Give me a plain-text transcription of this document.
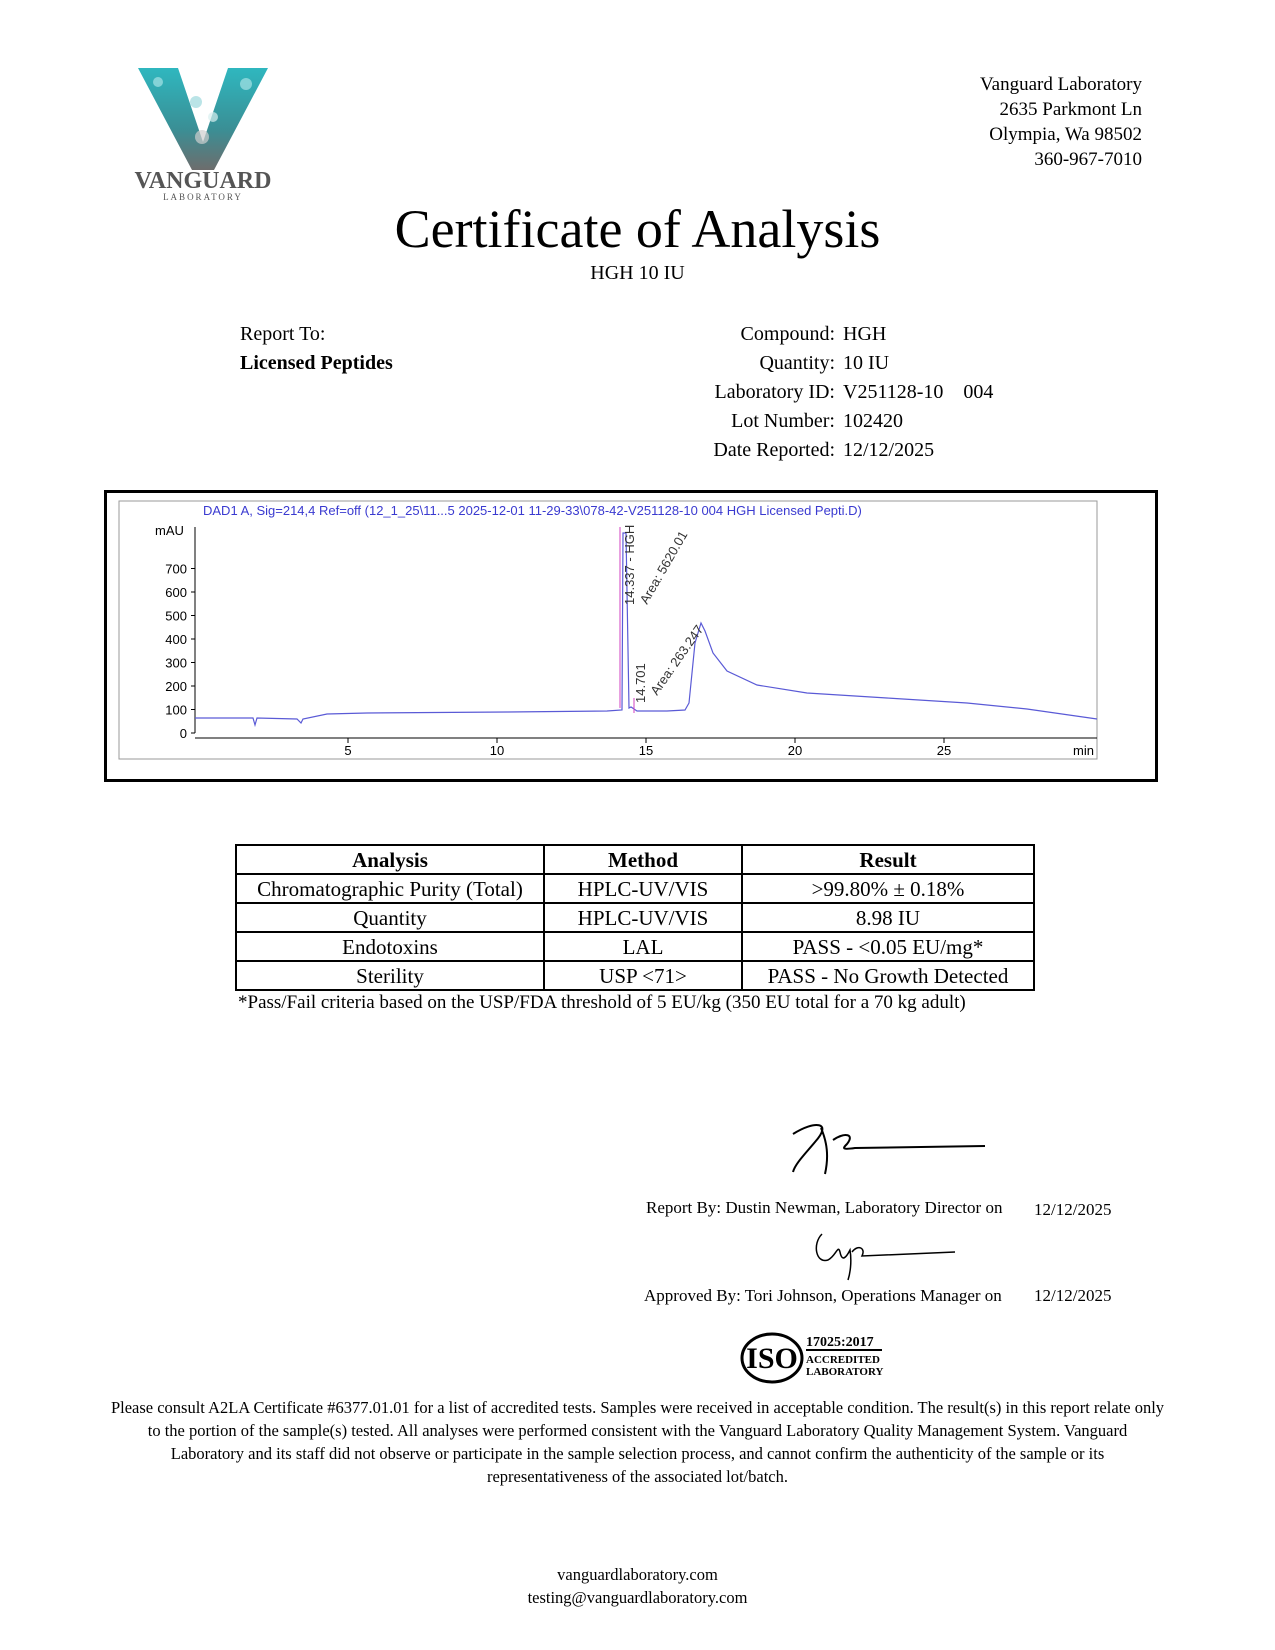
VANGUARD
LABORATORY
Vanguard Laboratory
2635 Parkmont Ln
Olympia, Wa 98502
360-967-7010
Certificate of Analysis
HGH 10 IU
Report To:
Licensed Peptides
Compound: HGH
Quantity: 10 IU
Laboratory ID: V251128-10    004
Lot Number: 102420
Date Reported: 12/12/2025
DAD1 A, Sig=214,4 Ref=off (12_1_25\11...5 2025-12-01 11-29-33\078-42-V251128-10 004 HGH Licensed Pepti.D)
mAU
min
0
100
200
300
400
500
600
700
5	10	15	20	25
14.337 - HGH Area: 5620.01
14.701 Area: 263.247
Analysis	Method	Result
Chromatographic Purity (Total)	HPLC-UV/VIS	>99.80% ± 0.18%
Quantity	HPLC-UV/VIS	8.98 IU
Endotoxins	LAL	PASS - <0.05 EU/mg*
Sterility	USP <71>	PASS - No Growth Detected
*Pass/Fail criteria based on the USP/FDA threshold of 5 EU/kg (350 EU total for a 70 kg adult)
Report By: Dustin Newman, Laboratory Director on 12/12/2025
Approved By: Tori Johnson, Operations Manager on 12/12/2025
ISO 17025:2017
ACCREDITED
LABORATORY
Please consult A2LA Certificate #6377.01.01 for a list of accredited tests. Samples were received in acceptable condition. The result(s) in this report relate only to the portion of the sample(s) tested. All analyses were performed consistent with the Vanguard Laboratory Quality Management System. Vanguard Laboratory and its staff did not observe or participate in the sample selection process, and cannot confirm the authenticity of the sample or its representativeness of the associated lot/batch.
vanguardlaboratory.com
testing@vanguardlaboratory.com
